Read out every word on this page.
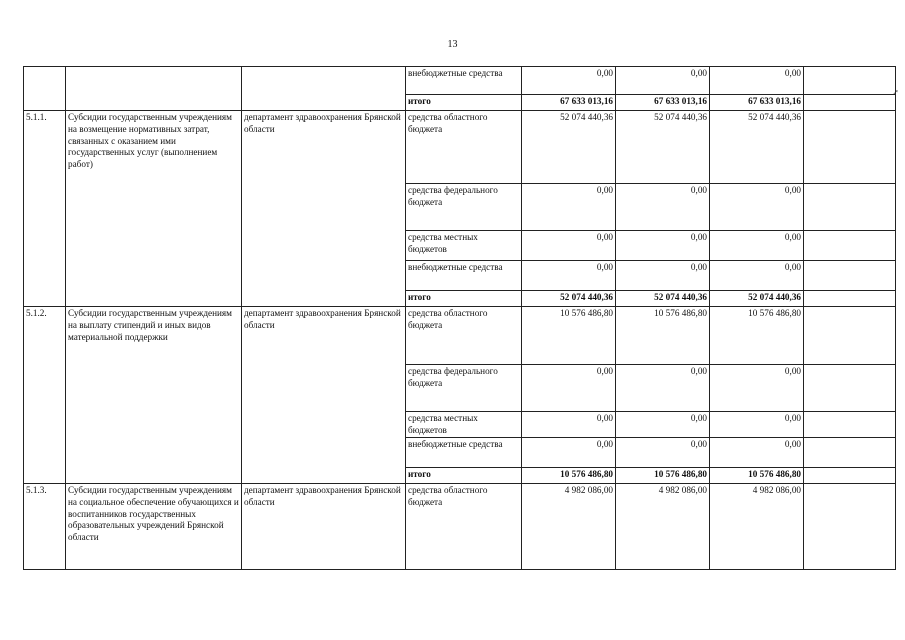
13
↗
			внебюджетные средства	0,00	0,00	0,00	
			итого	67 633 013,16	67 633 013,16	67 633 013,16	
5.1.1.	Субсидии государственным учреждениям на возмещение нормативных затрат, связанных с оказанием ими государственных услуг (выполнением работ)	департамент здравоохранения Брянской области	средства областного бюджета	52 074 440,36	52 074 440,36	52 074 440,36	
			средства федерального бюджета	0,00	0,00	0,00	
			средства местных бюджетов	0,00	0,00	0,00	
			внебюджетные средства	0,00	0,00	0,00	
			итого	52 074 440,36	52 074 440,36	52 074 440,36	
5.1.2.	Субсидии государственным учреждениям на выплату стипендий и иных видов материальной поддержки	департамент здравоохранения Брянской области	средства областного бюджета	10 576 486,80	10 576 486,80	10 576 486,80	
			средства федерального бюджета	0,00	0,00	0,00	
			средства местных бюджетов	0,00	0,00	0,00	
			внебюджетные средства	0,00	0,00	0,00	
			итого	10 576 486,80	10 576 486,80	10 576 486,80	
5.1.3.	Субсидии государственным учреждениям на социальное обеспечение обучающихся и воспитанников государственных образовательных учреждений Брянской области	департамент здравоохранения Брянской области	средства областного бюджета	4 982 086,00	4 982 086,00	4 982 086,00	
